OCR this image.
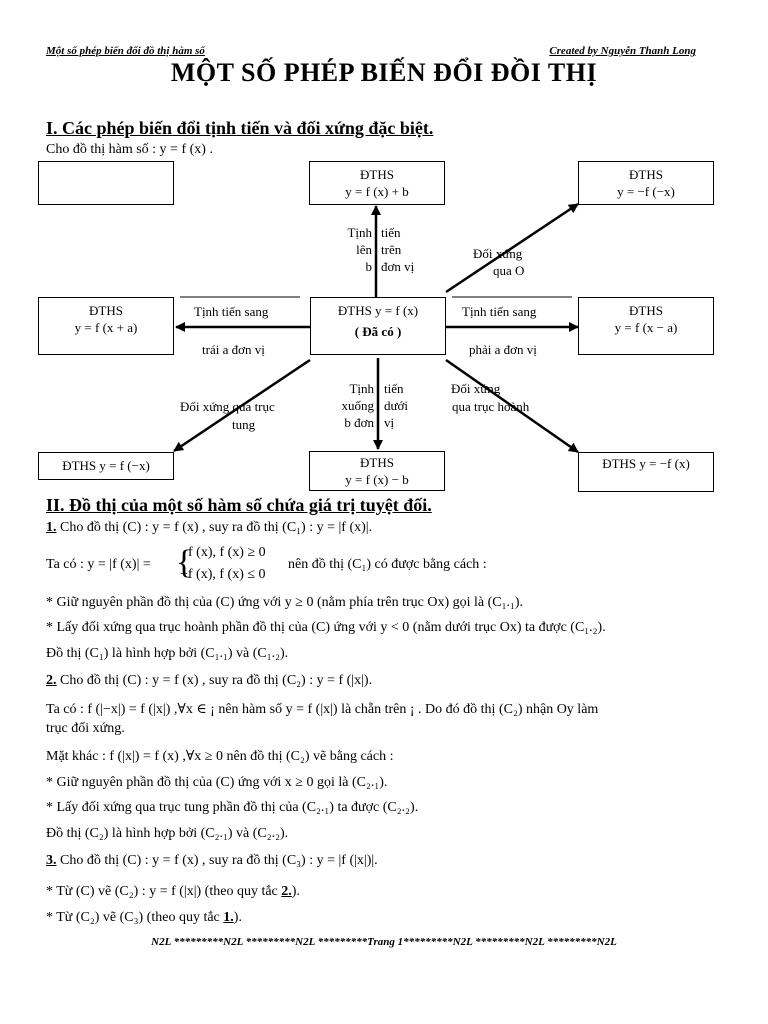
Một số phép biến đổi đồ thị hàm số	Created by Nguyễn Thanh Long
MỘT SỐ PHÉP BIẾN ĐỔI ĐỒI THỊ
I. Các phép biến đổi tịnh tiến và đối xứng đặc biệt.
Cho đồ thị hàm số : y = f (x) .
ĐTHS
y = f (x) + b
ĐTHS
y = −f (−x)
ĐTHS
y = f (x + a)
ĐTHS y = f (x)
( Đã có )
ĐTHS
y = f (x − a)
ĐTHS y = f (−x)	ĐTHS
y = f (x) − b
ĐTHS y = −f (x)
Tịnh
lên
b
tiến
trên
đơn vị
Đối xứng
qua O
Tịnh tiến sang
trái a đơn vị
Tịnh tiến sang
phải a đơn vị
Tịnh
xuống
b đơn
tiến
dưới
vị
Đối xứng qua trục
tung
Đối xứng
qua trục hoành
II. Đồ thị của một số hàm số chứa giá trị tuyệt đối.
1. Cho đồ thị (C) : y = f (x) , suy ra đồ thị (C₁) : y = |f (x)|.
Ta có : y = |f (x)| = {
f (x), f (x) ≥ 0
−f (x), f (x) ≤ 0
nên đồ thị (C₁) có được bằng cách :
* Giữ nguyên phần đồ thị của (C) ứng với y ≥ 0 (nằm phía trên trục Ox) gọi là (C₁.₁).
* Lấy đối xứng qua trục hoành phần đồ thị của (C) ứng với y < 0 (nằm dưới trục Ox) ta được (C₁.₂).
Đồ thị (C₁) là hình hợp bởi (C₁.₁) và (C₁.₂).
2. Cho đồ thị (C) : y = f (x) , suy ra đồ thị (C₂) : y = f (|x|).
Ta có : f (|−x|) = f (|x|) ,∀x ∈ ¡ nên hàm số y = f (|x|) là chẵn trên ¡ . Do đó đồ thị (C₂) nhận Oy làm
trục đối xứng.
Mặt khác : f (|x|) = f (x) ,∀x ≥ 0 nên đồ thị (C₂) vẽ bằng cách :
* Giữ nguyên phần đồ thị của (C) ứng với x ≥ 0 gọi là (C₂.₁).
* Lấy đối xứng qua trục tung phần đồ thị của (C₂.₁) ta được (C₂.₂).
Đồ thị (C₂) là hình hợp bởi (C₂.₁) và (C₂.₂).
3. Cho đồ thị (C) : y = f (x) , suy ra đồ thị (C₃) : y = |f (|x|)|.
* Từ (C) vẽ (C₂) : y = f (|x|) (theo quy tắc 2.).
* Từ (C₂) vẽ (C₃) (theo quy tắc 1.).
N2L *********N2L *********N2L *********Trang 1*********N2L *********N2L *********N2L
